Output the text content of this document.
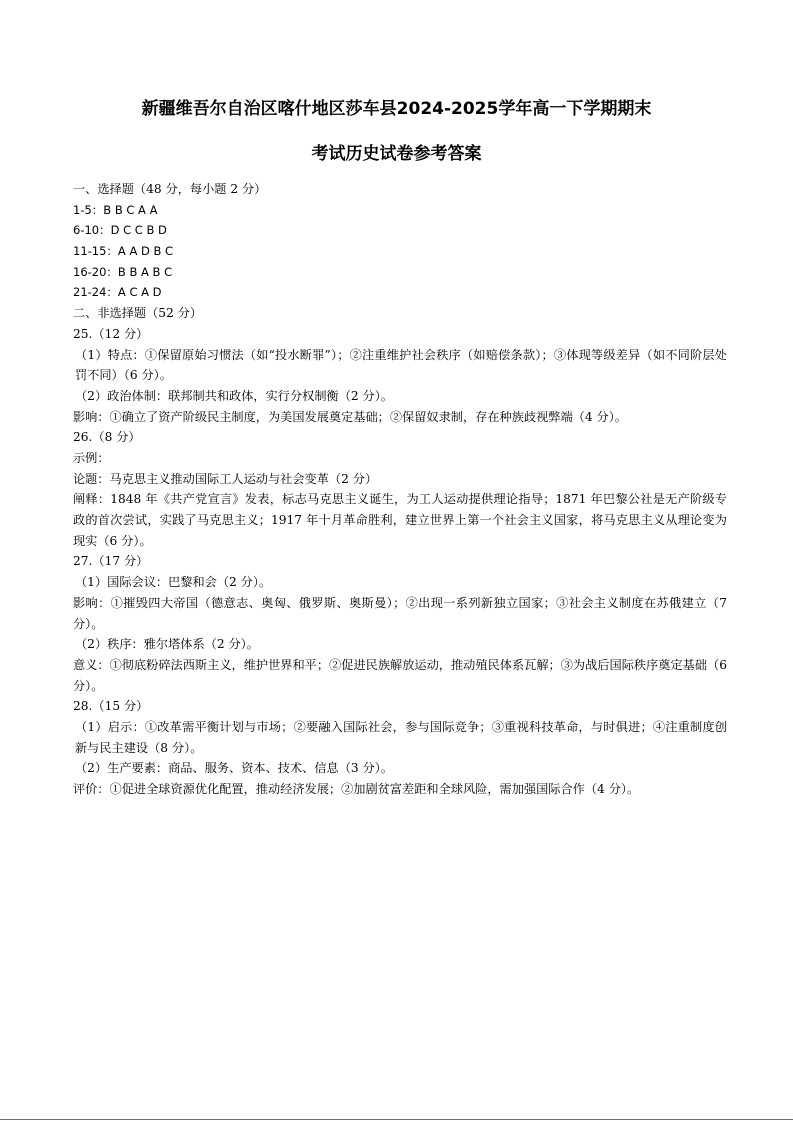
新疆维吾尔自治区喀什地区莎车县2024-2025学年高一下学期期末
考试历史试卷参考答案
一、选择题（48 分，每小题 2 分）
1-5：B B C A A
6-10：D C C B D
11-15：A A D B C
16-20：B B A B C
21-24：A C A D
二、非选择题（52 分）
25.（12 分）
（1）特点：①保留原始习惯法（如“投水断罪”）；②注重维护社会秩序（如赔偿条款）；③体现等级差异（如不同阶层处罚不同）（6 分）。
（2）政治体制：联邦制共和政体，实行分权制衡（2 分）。
影响：①确立了资产阶级民主制度，为美国发展奠定基础；②保留奴隶制，存在种族歧视弊端（4 分）。
26.（8 分）
示例：
论题：马克思主义推动国际工人运动与社会变革（2 分）
阐释：1848 年《共产党宣言》发表，标志马克思主义诞生，为工人运动提供理论指导；1871 年巴黎公社是无产阶级专政的首次尝试，实践了马克思主义；1917 年十月革命胜利，建立世界上第一个社会主义国家，将马克思主义从理论变为现实（6 分）。
27.（17 分）
（1）国际会议：巴黎和会（2 分）。
影响：①摧毁四大帝国（德意志、奥匈、俄罗斯、奥斯曼）；②出现一系列新独立国家；③社会主义制度在苏俄建立（7 分）。
（2）秩序：雅尔塔体系（2 分）。
意义：①彻底粉碎法西斯主义，维护世界和平；②促进民族解放运动，推动殖民体系瓦解；③为战后国际秩序奠定基础（6 分）。
28.（15 分）
（1）启示：①改革需平衡计划与市场；②要融入国际社会，参与国际竞争；③重视科技革命，与时俱进；④注重制度创新与民主建设（8 分）。
（2）生产要素：商品、服务、资本、技术、信息（3 分）。
评价：①促进全球资源优化配置，推动经济发展；②加剧贫富差距和全球风险，需加强国际合作（4 分）。
